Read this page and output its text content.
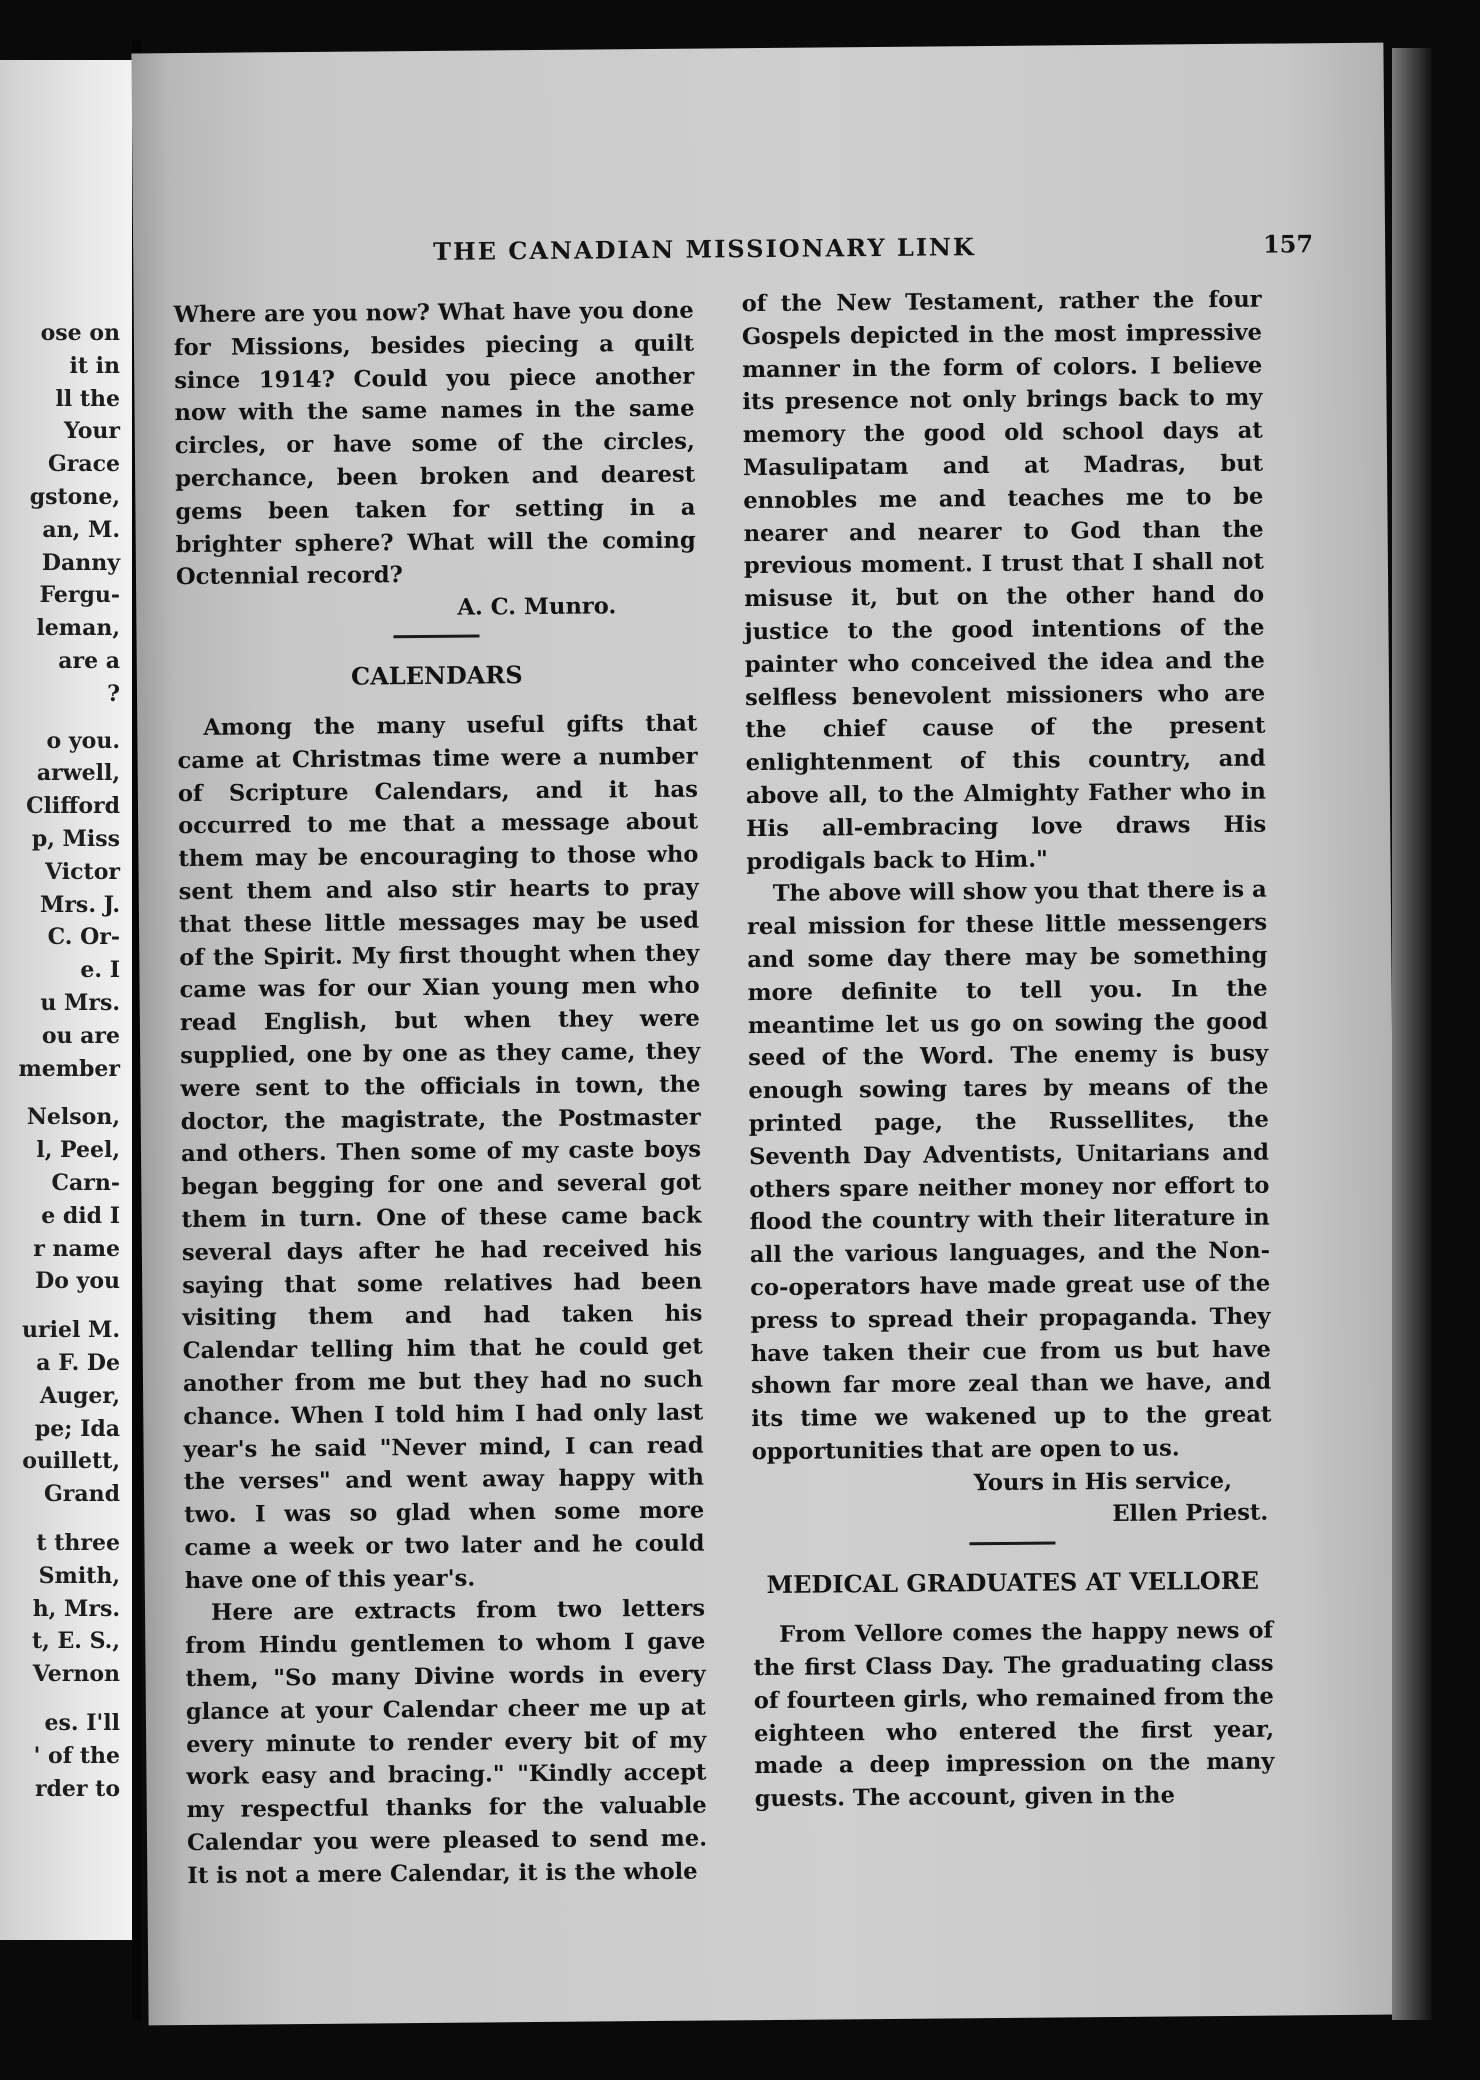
ose on
it in
ll the
Your
Grace
gstone,
an, M.
Danny
Fergu-
leman,
are a
?
o you.
arwell,
Clifford
p, Miss
Victor
Mrs. J.
C. Or-
e. I
u Mrs.
ou are
member
Nelson,
l, Peel,
Carn-
e did I
r name
Do you
uriel M.
a F. De
Auger,
pe; Ida
ouillett,
Grand
t three
Smith,
h, Mrs.
t, E. S.,
Vernon
es. I'll
' of the
rder to
THE CANADIAN MISSIONARY LINK	157

Where are you now? What have you done for Missions, besides piecing a quilt since 1914? Could you piece another now with the same names in the same circles, or have some of the circles, perchance, been broken and dearest gems been taken for setting in a brighter sphere? What will the coming Octennial record?

A. C. Munro.

CALENDARS

Among the many useful gifts that came at Christmas time were a number of Scripture Calendars, and it has occurred to me that a message about them may be encouraging to those who sent them and also stir hearts to pray that these little messages may be used of the Spirit. My first thought when they came was for our Xian young men who read English, but when they were supplied, one by one as they came, they were sent to the officials in town, the doctor, the magistrate, the Postmaster and others. Then some of my caste boys began begging for one and several got them in turn. One of these came back several days after he had received his saying that some relatives had been visiting them and had taken his Calendar telling him that he could get another from me but they had no such chance. When I told him I had only last year's he said "Never mind, I can read the verses" and went away happy with two. I was so glad when some more came a week or two later and he could have one of this year's.

Here are extracts from two letters from Hindu gentlemen to whom I gave them, "So many Divine words in every glance at your Calendar cheer me up at every minute to render every bit of my work easy and bracing." "Kindly accept my respectful thanks for the valuable Calendar you were pleased to send me. It is not a mere Calendar, it is the whole

of the New Testament, rather the four Gospels depicted in the most impressive manner in the form of colors. I believe its presence not only brings back to my memory the good old school days at Masulipatam and at Madras, but ennobles me and teaches me to be nearer and nearer to God than the previous moment. I trust that I shall not misuse it, but on the other hand do justice to the good intentions of the painter who conceived the idea and the selfless benevolent missioners who are the chief cause of the present enlightenment of this country, and above all, to the Almighty Father who in His all-embracing love draws His prodigals back to Him."

The above will show you that there is a real mission for these little messengers and some day there may be something more definite to tell you. In the meantime let us go on sowing the good seed of the Word. The enemy is busy enough sowing tares by means of the printed page, the Russellites, the Seventh Day Adventists, Unitarians and others spare neither money nor effort to flood the country with their literature in all the various languages, and the Non-co-operators have made great use of the press to spread their propaganda. They have taken their cue from us but have shown far more zeal than we have, and its time we wakened up to the great opportunities that are open to us.

Yours in His service,

Ellen Priest.

MEDICAL GRADUATES AT VELLORE

From Vellore comes the happy news of the first Class Day. The graduating class of fourteen girls, who remained from the eighteen who entered the first year, made a deep impression on the many guests. The account, given in the
